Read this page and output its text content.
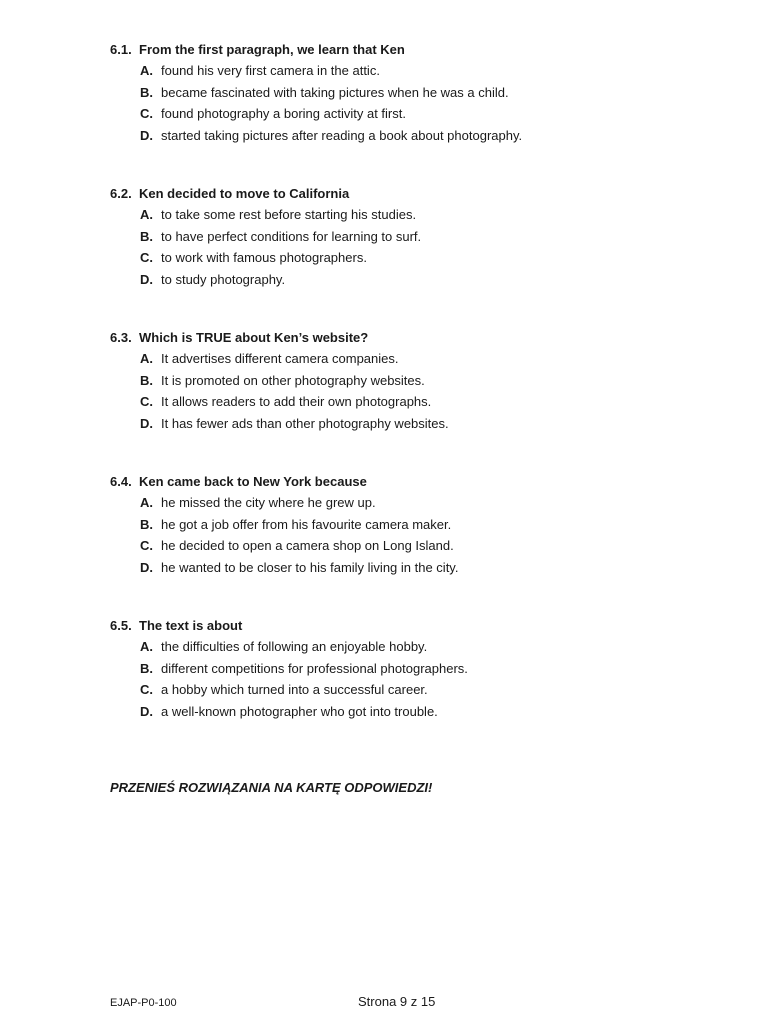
6.1. From the first paragraph, we learn that Ken
A. found his very first camera in the attic.
B. became fascinated with taking pictures when he was a child.
C. found photography a boring activity at first.
D. started taking pictures after reading a book about photography.
6.2. Ken decided to move to California
A. to take some rest before starting his studies.
B. to have perfect conditions for learning to surf.
C. to work with famous photographers.
D. to study photography.
6.3. Which is TRUE about Ken’s website?
A. It advertises different camera companies.
B. It is promoted on other photography websites.
C. It allows readers to add their own photographs.
D. It has fewer ads than other photography websites.
6.4. Ken came back to New York because
A. he missed the city where he grew up.
B. he got a job offer from his favourite camera maker.
C. he decided to open a camera shop on Long Island.
D. he wanted to be closer to his family living in the city.
6.5. The text is about
A. the difficulties of following an enjoyable hobby.
B. different competitions for professional photographers.
C. a hobby which turned into a successful career.
D. a well-known photographer who got into trouble.
PRZENIEŚ ROZWIĄZANIA NA KARTĘ ODPOWIEDZI!
EJAP-P0-100	Strona 9 z 15
